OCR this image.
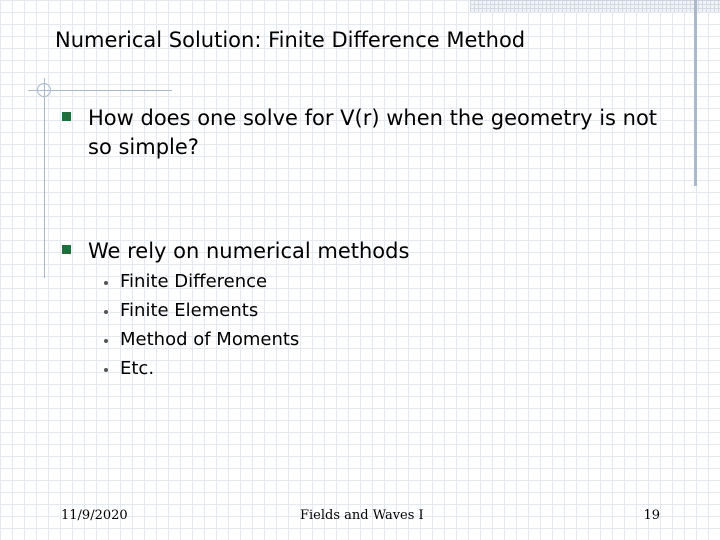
Numerical Solution: Finite Difference Method
How does one solve for V(r) when the geometry is not so simple?
We rely on numerical methods
Finite Difference
Finite Elements
Method of Moments
Etc.
11/9/2020	Fields and Waves I	19
